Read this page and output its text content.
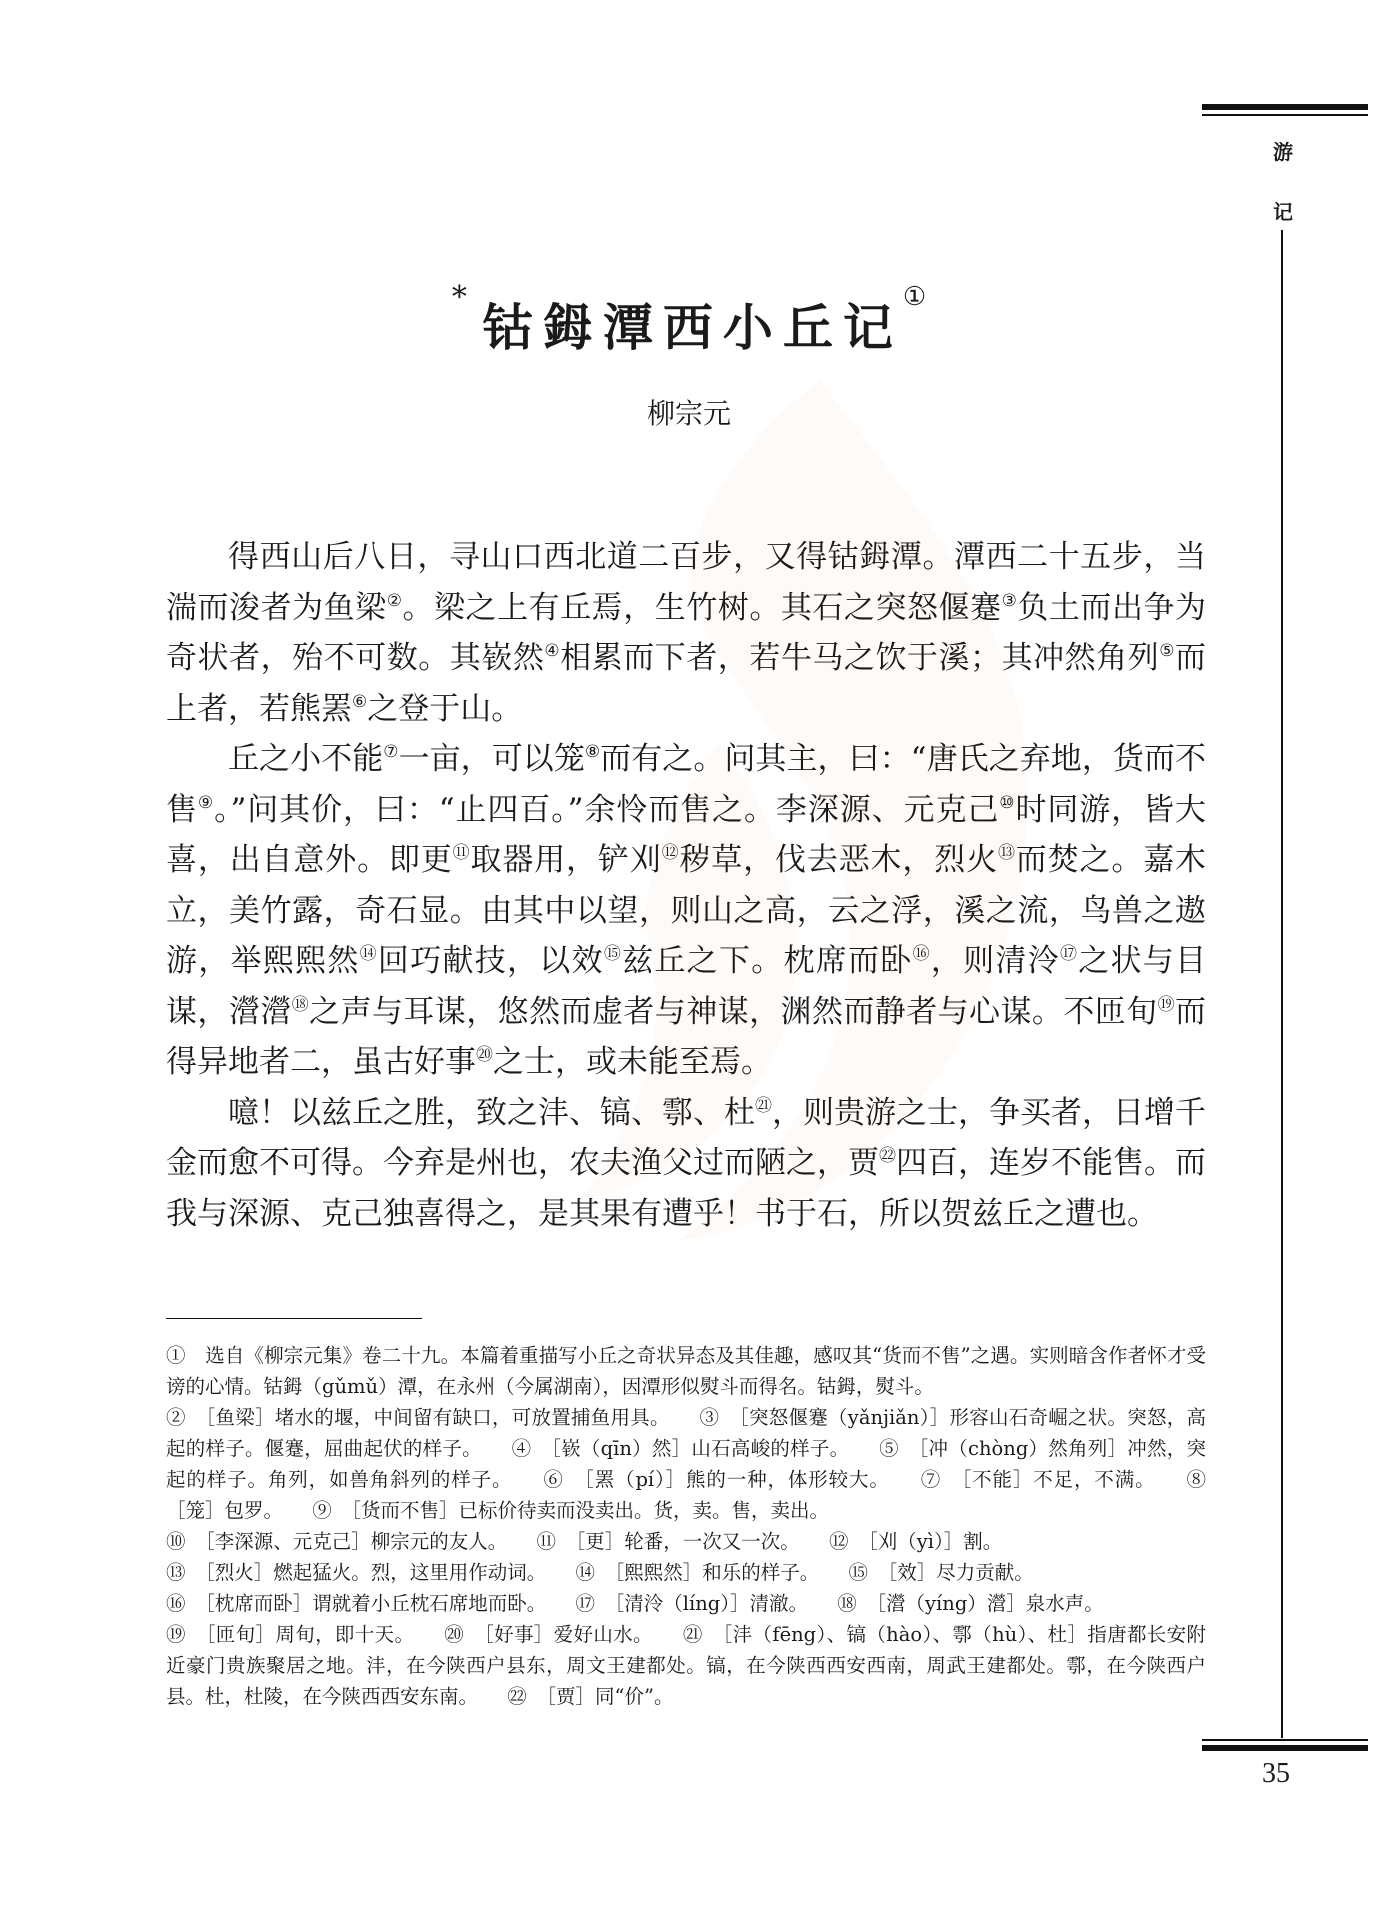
游
记
35
*钴鉧潭西小丘记①
柳宗元

得西山后八日，寻山口西北道二百步，又得钴鉧潭。潭西二十五步，当湍而浚者为鱼梁②。梁之上有丘焉，生竹树。其石之突怒偃蹇③负土而出争为奇状者，殆不可数。其嵚然④相累而下者，若牛马之饮于溪；其冲然角列⑤而上者，若熊罴⑥之登于山。

丘之小不能⑦一亩，可以笼⑧而有之。问其主，曰：“唐氏之弃地，货而不售⑨。”问其价，曰：“止四百。”余怜而售之。李深源、元克己⑩时同游，皆大喜，出自意外。即更⑪取器用，铲刈⑫秽草，伐去恶木，烈火⑬而焚之。嘉木立，美竹露，奇石显。由其中以望，则山之高，云之浮，溪之流，鸟兽之遨游，举熙熙然⑭回巧献技，以效⑮兹丘之下。枕席而卧⑯，则清泠⑰之状与目谋，瀯瀯⑱之声与耳谋，悠然而虚者与神谋，渊然而静者与心谋。不匝旬⑲而得异地者二，虽古好事⑳之士，或未能至焉。

噫！以兹丘之胜，致之沣、镐、鄠、杜$^㉑$，则贵游之士，争买者，日增千金而愈不可得。今弃是州也，农夫渔父过而陋之，贾$^㉒$四百，连岁不能售。而我与深源、克己独喜得之，是其果有遭乎！书于石，所以贺兹丘之遭也。

①　选自《柳宗元集》卷二十九。本篇着重描写小丘之奇状异态及其佳趣，感叹其“货而不售”之遇。实则暗含作者怀才受谤的心情。钴鉧（gǔmǔ）潭，在永州（今属湖南），因潭形似熨斗而得名。钴鉧，熨斗。

②　［鱼梁］堵水的堰，中间留有缺口，可放置捕鱼用具。　　③　［突怒偃蹇（yǎnjiǎn）］形容山石奇崛之状。突怒，高起的样子。偃蹇，屈曲起伏的样子。　　④　［嵚（qīn）然］山石高峻的样子。　　⑤　［冲（chòng）然角列］冲然，突起的样子。角列，如兽角斜列的样子。　　⑥　［罴（pí）］熊的一种，体形较大。　　⑦　［不能］不足，不满。　　⑧　［笼］包罗。　　⑨　［货而不售］已标价待卖而没卖出。货，卖。售，卖出。

⑩　［李深源、元克己］柳宗元的友人。　　⑪　［更］轮番，一次又一次。　　⑫　［刈（yì）］割。

⑬　［烈火］燃起猛火。烈，这里用作动词。　　⑭　［熙熙然］和乐的样子。　　⑮　［效］尽力贡献。

⑯　［枕席而卧］谓就着小丘枕石席地而卧。　　⑰　［清泠（líng）］清澈。　　⑱　［瀯（yíng）瀯］泉水声。

⑲　［匝旬］周旬，即十天。　　⑳　［好事］爱好山水。　　㉑　［沣（fēng）、镐（hào）、鄠（hù）、杜］指唐都长安附近豪门贵族聚居之地。沣，在今陕西户县东，周文王建都处。镐，在今陕西西安西南，周武王建都处。鄠，在今陕西户县。杜，杜陵，在今陕西西安东南。　　㉒　［贾］同“价”。
